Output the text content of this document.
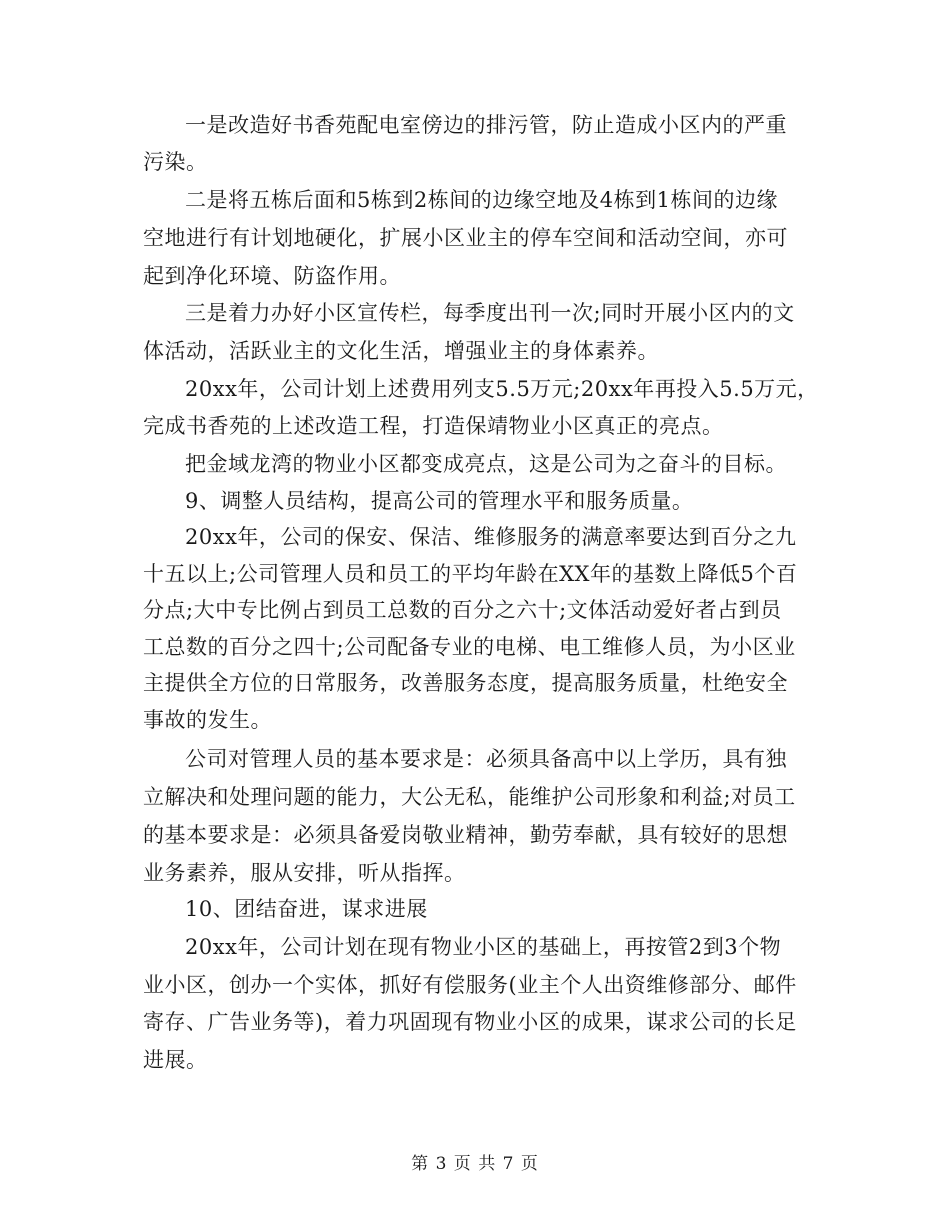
一是改造好书香苑配电室傍边的排污管，防止造成小区内的严重
污染。
二是将五栋后面和5栋到2栋间的边缘空地及4栋到1栋间的边缘
空地进行有计划地硬化，扩展小区业主的停车空间和活动空间，亦可
起到净化环境、防盗作用。
三是着力办好小区宣传栏，每季度出刊一次;同时开展小区内的文
体活动，活跃业主的文化生活，增强业主的身体素养。
20xx年，公司计划上述费用列支5.5万元;20xx年再投入5.5万元，
完成书香苑的上述改造工程，打造保靖物业小区真正的亮点。
把金域龙湾的物业小区都变成亮点，这是公司为之奋斗的目标。
9、调整人员结构，提高公司的管理水平和服务质量。
20xx年，公司的保安、保洁、维修服务的满意率要达到百分之九
十五以上;公司管理人员和员工的平均年龄在XX年的基数上降低5个百
分点;大中专比例占到员工总数的百分之六十;文体活动爱好者占到员
工总数的百分之四十;公司配备专业的电梯、电工维修人员，为小区业
主提供全方位的日常服务，改善服务态度，提高服务质量，杜绝安全
事故的发生。
公司对管理人员的基本要求是：必须具备高中以上学历，具有独
立解决和处理问题的能力，大公无私，能维护公司形象和利益;对员工
的基本要求是：必须具备爱岗敬业精神，勤劳奉献，具有较好的思想
业务素养，服从安排，听从指挥。
10、团结奋进，谋求进展
20xx年，公司计划在现有物业小区的基础上，再按管2到3个物
业小区，创办一个实体，抓好有偿服务(业主个人出资维修部分、邮件
寄存、广告业务等)，着力巩固现有物业小区的成果，谋求公司的长足
进展。
第 3 页 共 7 页
